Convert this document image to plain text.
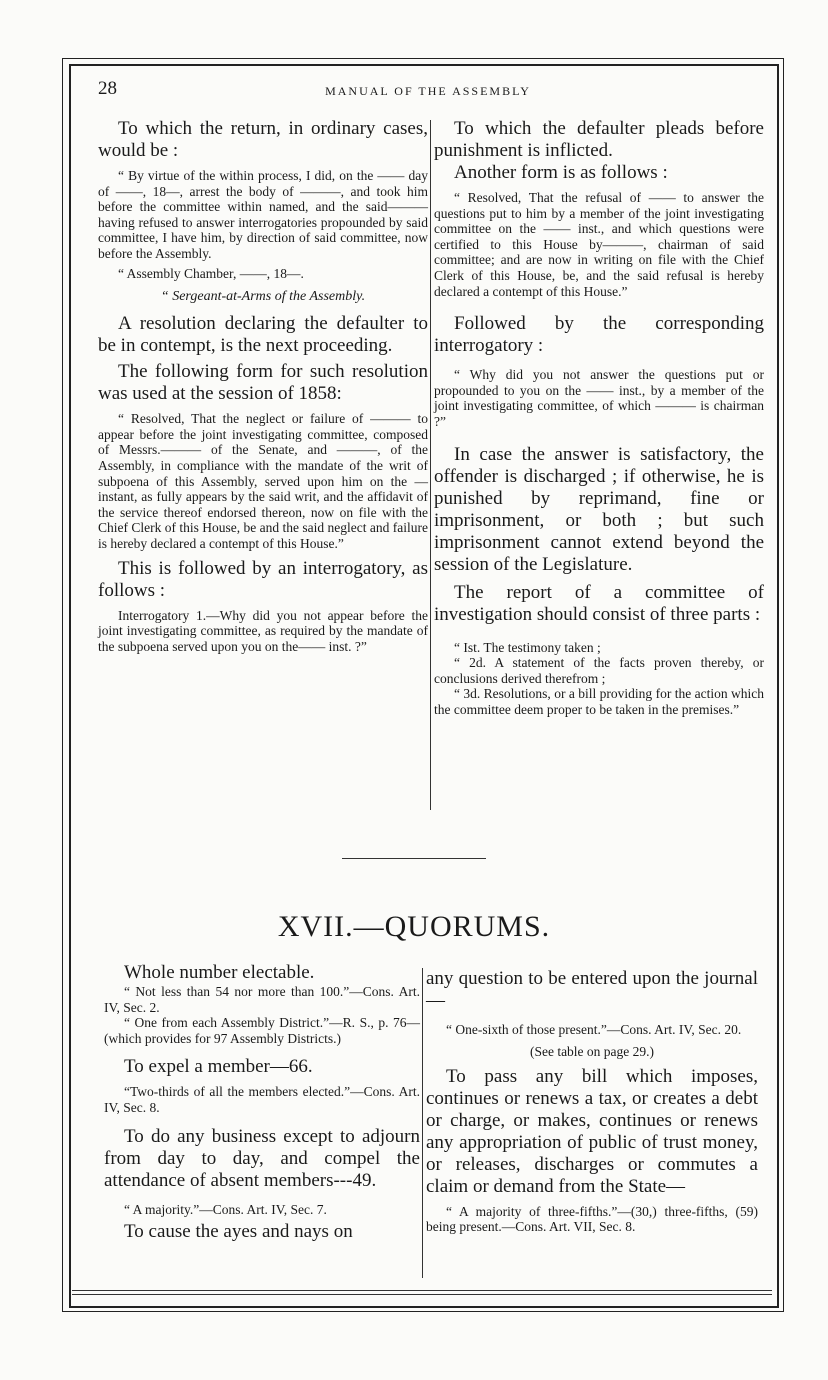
28	MANUAL OF THE ASSEMBLY

To which the return, in ordinary cases, would be :

“ By virtue of the within process, I did, on the —— day of ——, 18—, arrest the body of ———, and took him before the committee within named, and the said——— having refused to answer interrogatories propounded by said committee, I have him, by direction of said committee, now before the Assembly.

“ Assembly Chamber, ——, 18—.

“ Sergeant-at-Arms of the Assembly.

A resolution declaring the defaulter to be in contempt, is the next proceeding.

The following form for such resolution was used at the session of 1858:

“ Resolved, That the neglect or failure of ——— to appear before the joint investigating committee, composed of Messrs.——— of the Senate, and ———, of the Assembly, in compliance with the mandate of the writ of subpoena of this Assembly, served upon him on the — instant, as fully appears by the said writ, and the affidavit of the service thereof endorsed thereon, now on file with the Chief Clerk of this House, be and the said neglect and failure is hereby declared a contempt of this House.”

This is followed by an interrogatory, as follows :

Interrogatory 1.—Why did you not appear before the joint investigating committee, as required by the mandate of the subpoena served upon you on the—— inst. ?”

To which the defaulter pleads before punishment is inflicted.

Another form is as follows :

“ Resolved, That the refusal of —— to answer the questions put to him by a member of the joint investigating committee on the —— inst., and which questions were certified to this House by———, chairman of said committee; and are now in writing on file with the Chief Clerk of this House, be, and the said refusal is hereby declared a contempt of this House.”

Followed by the corresponding interrogatory :

“ Why did you not answer the questions put or propounded to you on the —— inst., by a member of the joint investigating committee, of which ——— is chairman ?”

In case the answer is satisfactory, the offender is discharged ; if otherwise, he is punished by reprimand, fine or imprisonment, or both ; but such imprisonment cannot extend beyond the session of the Legislature.

The report of a committee of investigation should consist of three parts :

“ Ist. The testimony taken ;

“ 2d. A statement of the facts proven thereby, or conclusions derived therefrom ;

“ 3d. Resolutions, or a bill providing for the action which the committee deem proper to be taken in the premises.”

XVII.—QUORUMS.

Whole number electable.

“ Not less than 54 nor more than 100.”—Cons. Art. IV, Sec. 2.

“ One from each Assembly District.”—R. S., p. 76—(which provides for 97 Assembly Districts.)

To expel a member—66.

“Two-thirds of all the members elected.”—Cons. Art. IV, Sec. 8.

To do any business except to adjourn from day to day, and compel the attendance of absent members---49.

“ A majority.”—Cons. Art. IV, Sec. 7.

To cause the ayes and nays on

any question to be entered upon the journal—

“ One-sixth of those present.”—Cons. Art. IV, Sec. 20.

(See table on page 29.)

To pass any bill which imposes, continues or renews a tax, or creates a debt or charge, or makes, continues or renews any appropriation of public of trust money, or releases, discharges or commutes a claim or demand from the State—

“ A majority of three-fifths.”—(30,) three-fifths, (59) being present.—Cons. Art. VII, Sec. 8.
